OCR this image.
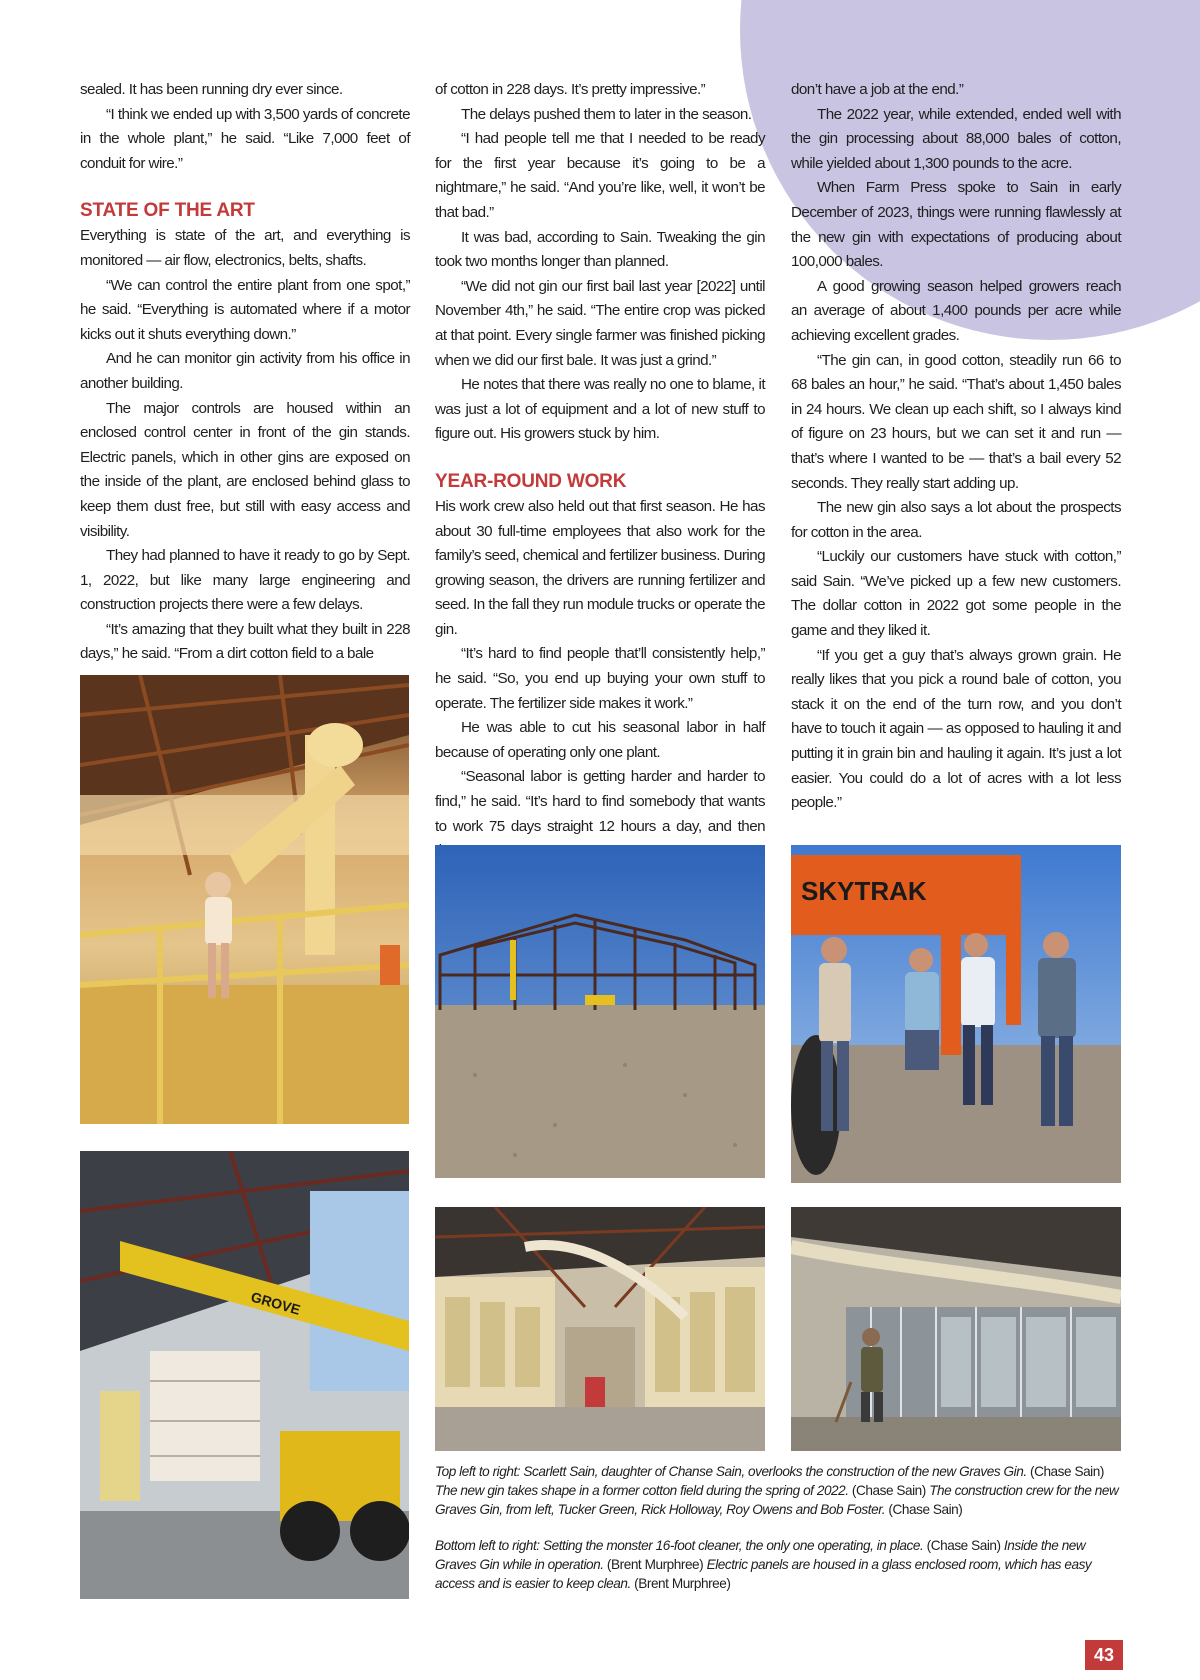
sealed. It has been running dry ever since.

“I think we ended up with 3,500 yards of concrete in the whole plant,” he said. “Like 7,000 feet of conduit for wire.”

STATE OF THE ART

Everything is state of the art, and everything is monitored — air flow, electronics, belts, shafts.

“We can control the entire plant from one spot,” he said. “Everything is automated where if a motor kicks out it shuts everything down.”

And he can monitor gin activity from his office in another building.

The major controls are housed within an enclosed control center in front of the gin stands. Electric panels, which in other gins are exposed on the inside of the plant, are enclosed behind glass to keep them dust free, but still with easy access and visibility.

They had planned to have it ready to go by Sept. 1, 2022, but like many large engineering and construction projects there were a few delays.

“It’s amazing that they built what they built in 228 days,” he said. “From a dirt cotton field to a bale

of cotton in 228 days. It’s pretty impressive.”

The delays pushed them to later in the season.

“I had people tell me that I needed to be ready for the first year because it’s going to be a nightmare,” he said. “And you’re like, well, it won’t be that bad.”

It was bad, according to Sain. Tweaking the gin took two months longer than planned.

“We did not gin our first bail last year [2022] until November 4th,” he said. “The entire crop was picked at that point. Every single farmer was finished picking when we did our first bale. It was just a grind.”

He notes that there was really no one to blame, it was just a lot of equipment and a lot of new stuff to figure out. His growers stuck by him.

YEAR-ROUND WORK

His work crew also held out that first season. He has about 30 full-time employees that also work for the family’s seed, chemical and fertilizer business. During growing season, the drivers are running fertilizer and seed. In the fall they run module trucks or operate the gin.

“It’s hard to find people that’ll consistently help,” he said. “So, you end up buying your own stuff to operate. The fertilizer side makes it work.”

He was able to cut his seasonal labor in half because of operating only one plant.

“Seasonal labor is getting harder and harder to find,” he said. “It’s hard to find somebody that wants to work 75 days straight 12 hours a day, and then

don’t have a job at the end.”

The 2022 year, while extended, ended well with the gin processing about 88,000 bales of cotton, while yielded about 1,300 pounds to the acre.

When Farm Press spoke to Sain in early December of 2023, things were running flawlessly at the new gin with expectations of producing about 100,000 bales.

A good growing season helped growers reach an average of about 1,400 pounds per acre while achieving excellent grades.

“The gin can, in good cotton, steadily run 66 to 68 bales an hour,” he said. “That’s about 1,450 bales in 24 hours. We clean up each shift, so I always kind of figure on 23 hours, but we can set it and run — that’s where I wanted to be — that’s a bail every 52 seconds. They really start adding up.

The new gin also says a lot about the prospects for cotton in the area.

“Luckily our customers have stuck with cotton,” said Sain. “We’ve picked up a few new customers. The dollar cotton in 2022 got some people in the game and they liked it.

“If you get a guy that’s always grown grain. He really likes that you pick a round bale of cotton, you stack it on the end of the turn row, and you don’t have to touch it again — as opposed to hauling it and putting it in grain bin and hauling it again. It’s just a lot easier. You could do a lot of acres with a lot less people.”

SKYTRAK
GROVE

Top left to right: Scarlett Sain, daughter of Chanse Sain, overlooks the construction of the new Graves Gin. (Chase Sain) The new gin takes shape in a former cotton field during the spring of 2022. (Chase Sain) The construction crew for the new Graves Gin, from left, Tucker Green, Rick Holloway, Roy Owens and Bob Foster. (Chase Sain)

Bottom left to right: Setting the monster 16-foot cleaner, the only one operating, in place. (Chase Sain) Inside the new Graves Gin while in operation. (Brent Murphree) Electric panels are housed in a glass enclosed room, which has easy access and is easier to keep clean. (Brent Murphree)

43
